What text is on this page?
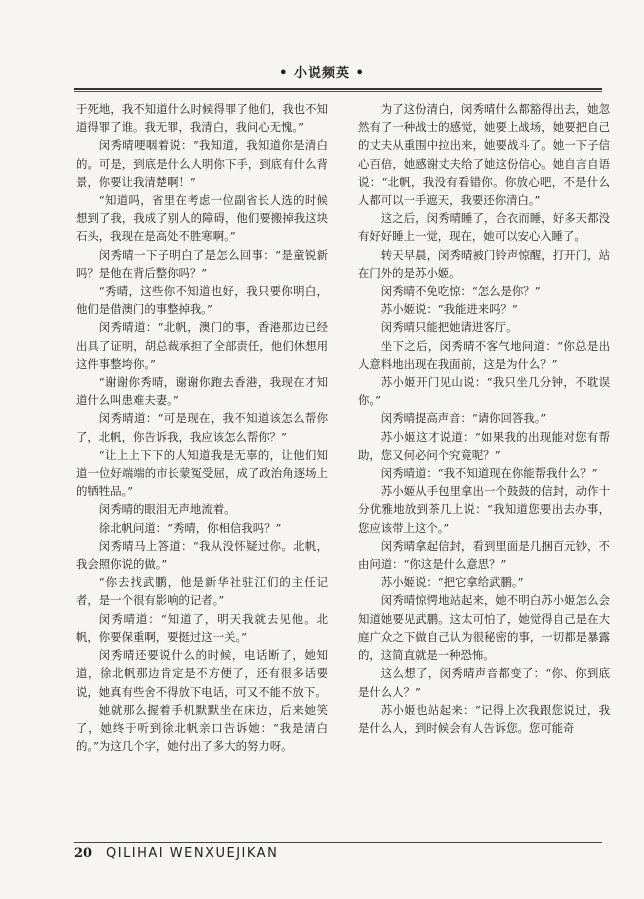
• 小说频英 •

于死地，我不知道什么时候得罪了他们，我也不知道得罪了谁。我无罪，我清白，我问心无愧。”

闵秀晴哽咽着说：“我知道，我知道你是清白的。可是，到底是什么人明你下手，到底有什么背景，你要让我清楚啊！”

“知道吗，省里在考虑一位副省长人选的时候想到了我，我成了别人的障碍，他们要搬掉我这块石头，我现在是高处不胜寒啊。”

闵秀晴一下子明白了是怎么回事：“是童锐新吗？是他在背后整你吗？”

“秀晴，这些你不知道也好，我只要你明白，他们是借澳门的事整掉我。”

闵秀晴道：“北帆，澳门的事，香港那边已经出具了证明，胡总裁承担了全部责任，他们休想用这件事整垮你。”

“谢谢你秀晴，谢谢你跑去香港，我现在才知道什么叫患难夫妻。”

闵秀晴道：“可是现在，我不知道该怎么帮你了，北帆，你告诉我，我应该怎么帮你？”

“让上上下下的人知道我是无辜的，让他们知道一位好端端的市长蒙冤受屈，成了政治角逐场上的牺牲品。”

闵秀晴的眼泪无声地流着。

徐北帆问道：“秀晴，你相信我吗？”

闵秀晴马上答道：“我从没怀疑过你。北帆，我会照你说的做。”

“你去找武鹏，他是新华社驻江们的主任记者，是一个很有影响的记者。”

闵秀晴道：“知道了，明天我就去见他。北帆，你要保重啊，要挺过这一关。”

闵秀晴还要说什么的时候，电话断了，她知道，徐北帆那边肯定是不方便了，还有很多话要说，她真有些舍不得放下电话，可又不能不放下。

她就那么握着手机默默坐在床边，后来她笑了，她终于听到徐北帆亲口告诉她：“我是清白的。”为这几个字，她付出了多大的努力呀。

为了这份清白，闵秀晴什么都豁得出去，她忽然有了一种战士的感觉，她要上战场，她要把自己的丈夫从重围中拉出来，她要战斗了。她一下子信心百倍，她感谢丈夫给了她这份信心。她自言自语说：“北帆，我没有看错你。你放心吧，不是什么人都可以一手遮天，我要还你清白。”

这之后，闵秀晴睡了，合衣而睡，好多天都没有好好睡上一觉，现在，她可以安心入睡了。

转天早晨，闵秀晴被门铃声惊醒，打开门，站在门外的是苏小姬。

闵秀晴不免吃惊：“怎么是你？”

苏小姬说：“我能进来吗？”

闵秀晴只能把她请进客厅。

坐下之后，闵秀晴不客气地问道：“你总是出人意料地出现在我面前，这是为什么？”

苏小姬开门见山说：“我只坐几分钟，不耽误你。”

闵秀晴提高声音：“请你回答我。”

苏小姬这才说道：“如果我的出现能对您有帮助，您又何必问个究竟呢？”

闵秀晴道：“我不知道现在你能帮我什么？”

苏小姬从手包里拿出一个鼓鼓的信封，动作十分优雅地放到茶几上说：“我知道您要出去办事，您应该带上这个。”

闵秀晴拿起信封，看到里面是几捆百元钞，不由问道：“你这是什么意思？”

苏小姬说：“把它拿给武鹏。”

闵秀晴惊愕地站起来，她不明白苏小姬怎么会知道她要见武鹏。这太可怕了，她觉得自己是在大庭广众之下做自己认为很秘密的事，一切都是暴露的，这简直就是一种恐怖。

这么想了，闵秀晴声音都变了：“你、你到底是什么人？”

苏小姬也站起来：“记得上次我跟您说过，我是什么人，到时候会有人告诉您。您可能奇

20 QILIHAI WENXUEJIKAN
